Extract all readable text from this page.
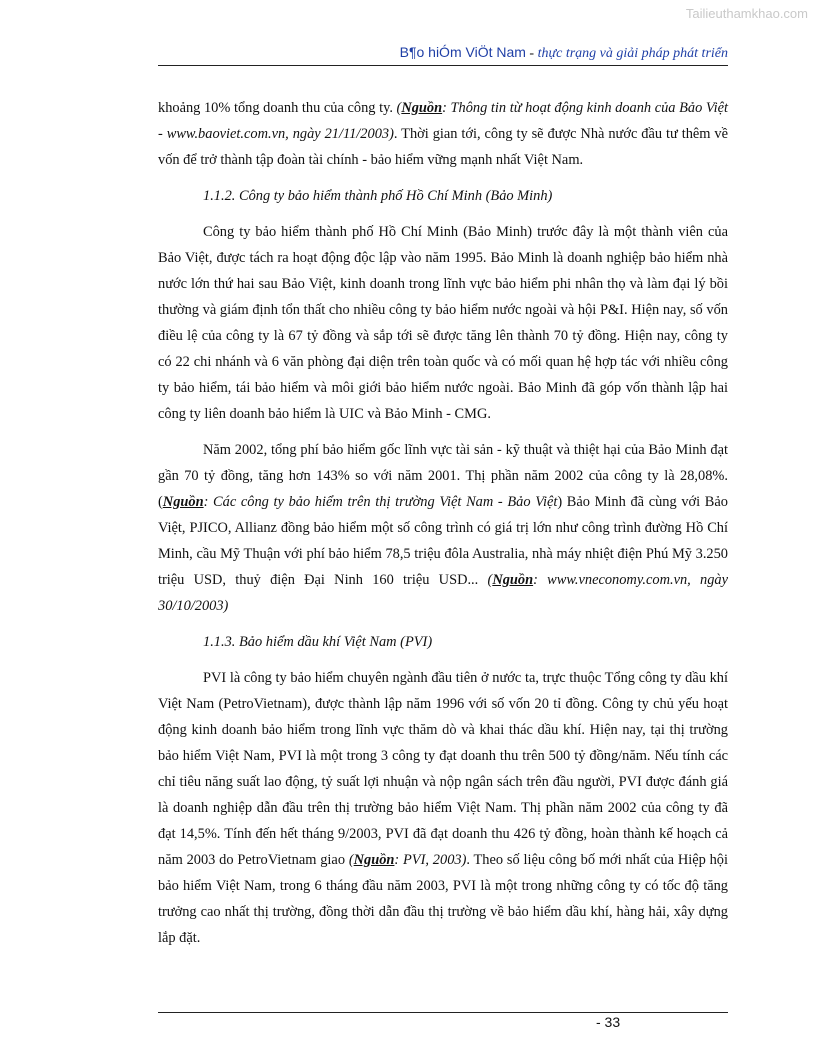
Tailieuthamkhao.com
B¶o hiÓm ViÖt Nam - thực trạng và giải pháp phát triển

khoảng 10% tổng doanh thu của công ty. (Nguồn: Thông tin từ hoạt động kinh doanh của Bảo Việt - www.baoviet.com.vn, ngày 21/11/2003). Thời gian tới, công ty sẽ được Nhà nước đầu tư thêm về vốn để trở thành tập đoàn tài chính - bảo hiểm vững mạnh nhất Việt Nam.

1.1.2. Công ty bảo hiểm thành phố Hồ Chí Minh (Bảo Minh)

Công ty bảo hiểm thành phố Hồ Chí Minh (Bảo Minh) trước đây là một thành viên của Bảo Việt, được tách ra hoạt động độc lập vào năm 1995. Bảo Minh là doanh nghiệp bảo hiểm nhà nước lớn thứ hai sau Bảo Việt, kinh doanh trong lĩnh vực bảo hiểm phi nhân thọ và làm đại lý bồi thường và giám định tổn thất cho nhiều công ty bảo hiểm nước ngoài và hội P&I. Hiện nay, số vốn điều lệ của công ty là 67 tỷ đồng và sắp tới sẽ được tăng lên thành 70 tỷ đồng. Hiện nay, công ty có 22 chi nhánh và 6 văn phòng đại diện trên toàn quốc và có mối quan hệ hợp tác với nhiều công ty bảo hiểm, tái bảo hiểm và môi giới bảo hiểm nước ngoài. Bảo Minh đã góp vốn thành lập hai công ty liên doanh bảo hiểm là UIC và Bảo Minh - CMG.

Năm 2002, tổng phí bảo hiểm gốc lĩnh vực tài sản - kỹ thuật và thiệt hại của Bảo Minh đạt gần 70 tỷ đồng, tăng hơn 143% so với năm 2001. Thị phần năm 2002 của công ty là 28,08%. (Nguồn: Các công ty bảo hiểm trên thị trường Việt Nam - Bảo Việt) Bảo Minh đã cùng với Bảo Việt, PJICO, Allianz đồng bảo hiểm một số công trình có giá trị lớn như công trình đường Hồ Chí Minh, cầu Mỹ Thuận với phí bảo hiểm 78,5 triệu đôla Australia, nhà máy nhiệt điện Phú Mỹ 3.250 triệu USD, thuỷ điện Đại Ninh 160 triệu USD... (Nguồn: www.vneconomy.com.vn, ngày 30/10/2003)

1.1.3. Bảo hiểm dầu khí Việt Nam (PVI)

PVI là công ty bảo hiểm chuyên ngành đầu tiên ở nước ta, trực thuộc Tổng công ty dầu khí Việt Nam (PetroVietnam), được thành lập năm 1996 với số vốn 20 tỉ đồng. Công ty chủ yếu hoạt động kinh doanh bảo hiểm trong lĩnh vực thăm dò và khai thác dầu khí. Hiện nay, tại thị trường bảo hiểm Việt Nam, PVI là một trong 3 công ty đạt doanh thu trên 500 tỷ đồng/năm. Nếu tính các chỉ tiêu năng suất lao động, tỷ suất lợi nhuận và nộp ngân sách trên đầu người, PVI được đánh giá là doanh nghiệp dẫn đầu trên thị trường bảo hiểm Việt Nam. Thị phần năm 2002 của công ty đã đạt 14,5%. Tính đến hết tháng 9/2003, PVI đã đạt doanh thu 426 tỷ đồng, hoàn thành kế hoạch cả năm 2003 do PetroVietnam giao (Nguồn: PVI, 2003). Theo số liệu công bố mới nhất của Hiệp hội bảo hiểm Việt Nam, trong 6 tháng đầu năm 2003, PVI là một trong những công ty có tốc độ tăng trưởng cao nhất thị trường, đồng thời dẫn đầu thị trường về bảo hiểm dầu khí, hàng hải, xây dựng lắp đặt.

- 33
